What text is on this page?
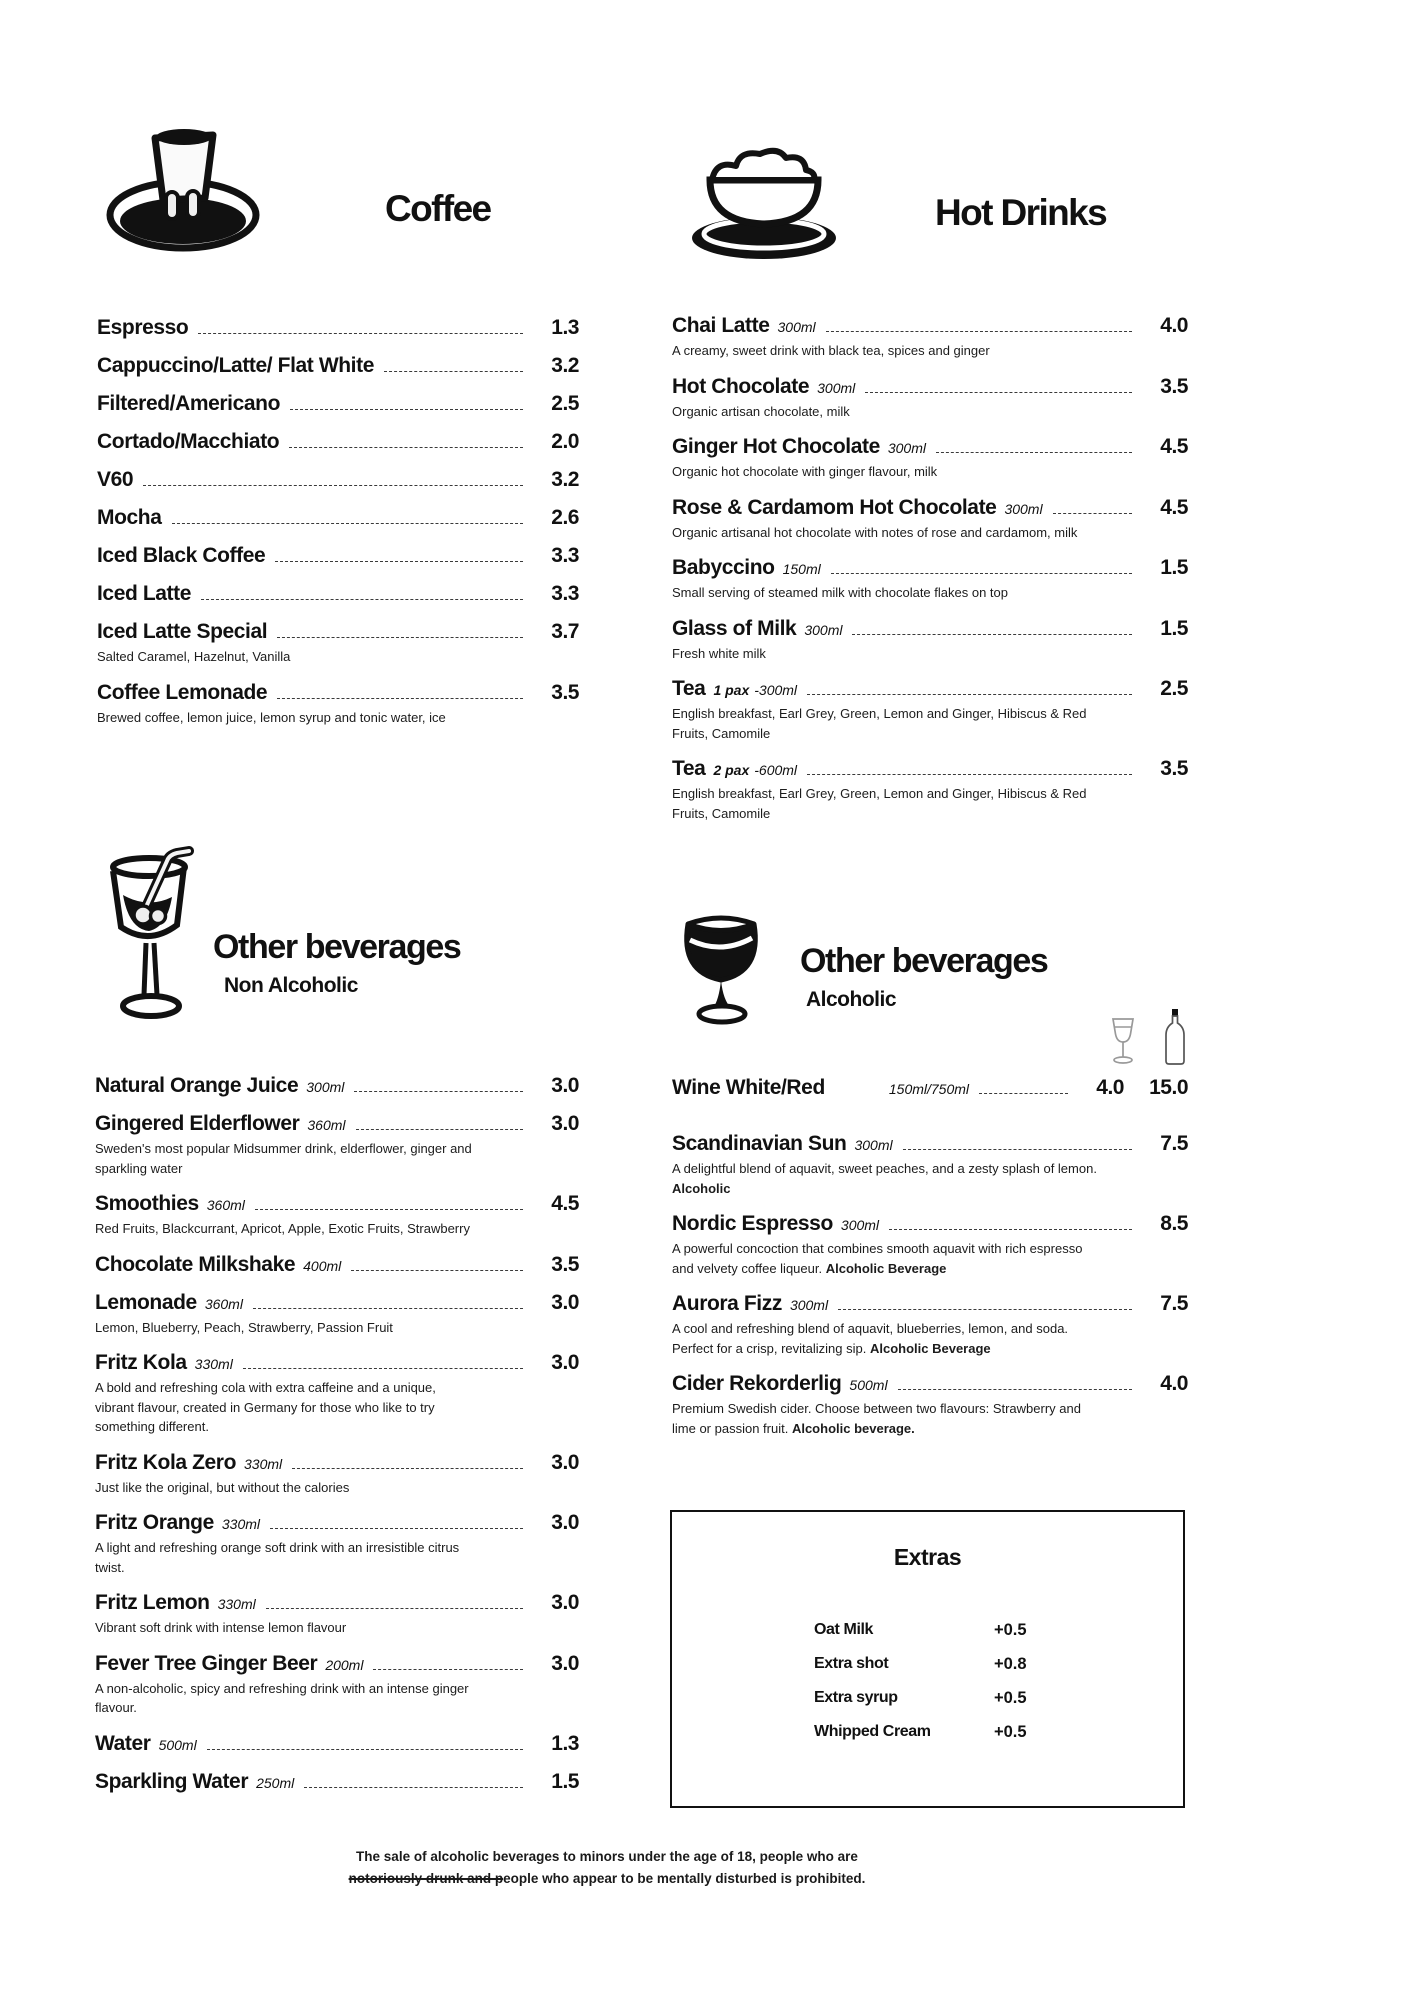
Coffee	Hot Drinks
Espresso	1.3
Cappuccino/Latte/ Flat White	3.2
Filtered/Americano	2.5
Cortado/Macchiato	2.0
V60	3.2
Mocha	2.6
Iced Black Coffee	3.3
Iced Latte	3.3
Iced Latte Special	3.7
Salted Caramel, Hazelnut, Vanilla
Coffee Lemonade	3.5
Brewed coffee, lemon juice, lemon syrup and tonic water, ice
Chai Latte 300ml	4.0
A creamy, sweet drink with black tea, spices and ginger
Hot Chocolate 300ml	3.5
Organic artisan chocolate, milk
Ginger Hot Chocolate 300ml	4.5
Organic hot chocolate with ginger flavour, milk
Rose & Cardamom Hot Chocolate 300ml	4.5
Organic artisanal hot chocolate with notes of rose and cardamom, milk
Babyccino 150ml	1.5
Small serving of steamed milk with chocolate flakes on top
Glass of Milk 300ml	1.5
Fresh white milk
Tea 1 pax -300ml	2.5
English breakfast, Earl Grey, Green, Lemon and Ginger, Hibiscus & Red Fruits, Camomile
Tea 2 pax -600ml	3.5
English breakfast, Earl Grey, Green, Lemon and Ginger, Hibiscus & Red Fruits, Camomile
Other beverages
Non Alcoholic
Other beverages
Alcoholic
Natural Orange Juice 300ml	3.0
Gingered Elderflower 360ml	3.0
Sweden's most popular Midsummer drink, elderflower, ginger and sparkling water
Smoothies 360ml	4.5
Red Fruits, Blackcurrant, Apricot, Apple, Exotic Fruits, Strawberry
Chocolate Milkshake 400ml	3.5
Lemonade 360ml	3.0
Lemon, Blueberry, Peach, Strawberry, Passion Fruit
Fritz Kola 330ml	3.0
A bold and refreshing cola with extra caffeine and a unique, vibrant flavour, created in Germany for those who like to try something different.
Fritz Kola Zero 330ml	3.0
Just like the original, but without the calories
Fritz Orange 330ml	3.0
A light and refreshing orange soft drink with an irresistible citrus twist.
Fritz Lemon 330ml	3.0
Vibrant soft drink with intense lemon flavour
Fever Tree Ginger Beer 200ml	3.0
A non-alcoholic, spicy and refreshing drink with an intense ginger flavour.
Water 500ml	1.3
Sparkling Water 250ml	1.5
Wine White/Red	150ml/750ml	4.0	15.0
Scandinavian Sun 300ml	7.5
A delightful blend of aquavit, sweet peaches, and a zesty splash of lemon. Alcoholic
Nordic Espresso 300ml	8.5
A powerful concoction that combines smooth aquavit with rich espresso and velvety coffee liqueur. Alcoholic Beverage
Aurora Fizz 300ml	7.5
A cool and refreshing blend of aquavit, blueberries, lemon, and soda. Perfect for a crisp, revitalizing sip. Alcoholic Beverage
Cider Rekorderlig 500ml	4.0
Premium Swedish cider. Choose between two flavours: Strawberry and lime or passion fruit. Alcoholic beverage.
Extras
Oat Milk	+0.5
Extra shot	+0.8
Extra syrup	+0.5
Whipped Cream	+0.5
The sale of alcoholic beverages to minors under the age of 18, people who are
notoriously drunk and people who appear to be mentally disturbed is prohibited.
